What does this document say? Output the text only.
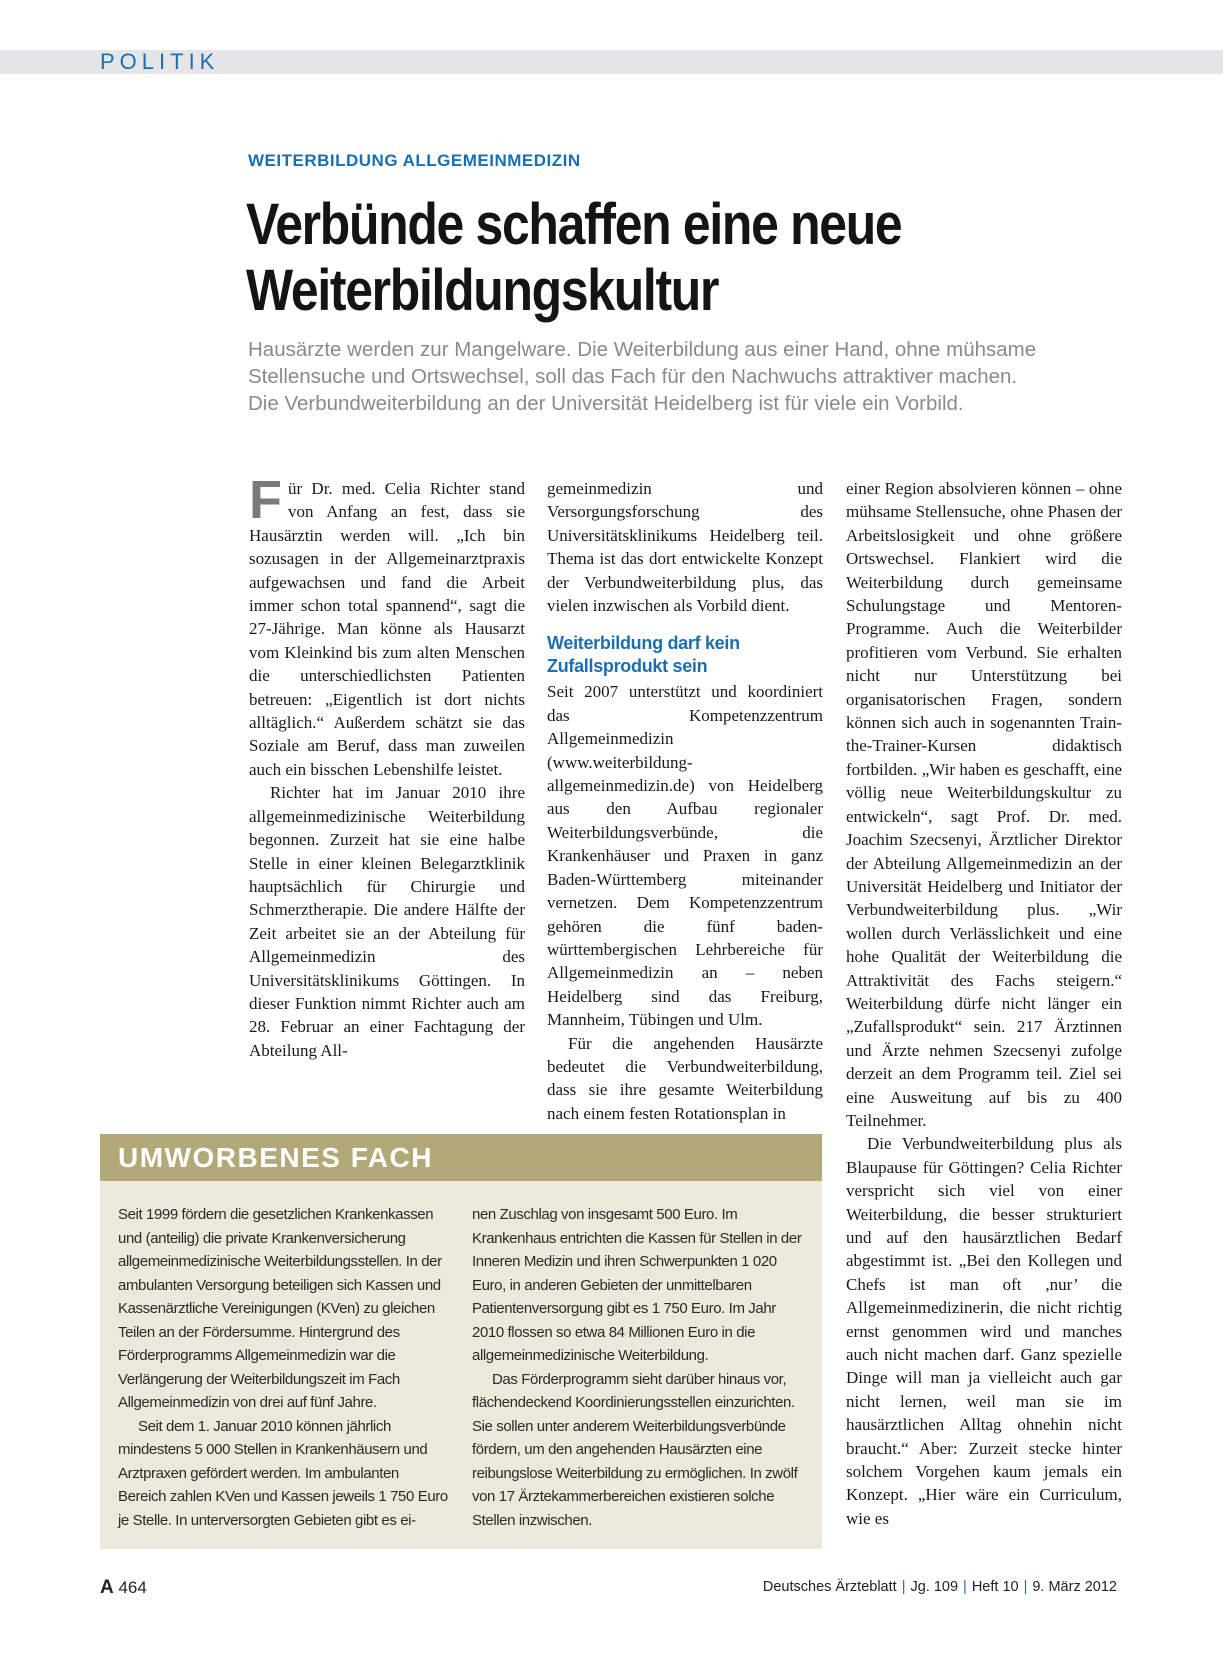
POLITIK
WEITERBILDUNG ALLGEMEINMEDIZIN
Verbünde schaffen eine neue
Weiterbildungskultur
Hausärzte werden zur Mangelware. Die Weiterbildung aus einer Hand, ohne mühsame
Stellensuche und Ortswechsel, soll das Fach für den Nachwuchs attraktiver machen.
Die Verbundweiterbildung an der Universität Heidelberg ist für viele ein Vorbild.

Für Dr. med. Celia Richter stand von Anfang an fest, dass sie Hausärztin werden will. „Ich bin sozusagen in der Allgemeinarztpraxis aufgewachsen und fand die Arbeit immer schon total spannend“, sagt die 27-Jährige. Man könne als Hausarzt vom Kleinkind bis zum alten Menschen die unterschiedlichsten Patienten betreuen: „Eigentlich ist dort nichts alltäglich.“ Außerdem schätzt sie das Soziale am Beruf, dass man zuweilen auch ein bisschen Lebenshilfe leistet.

Richter hat im Januar 2010 ihre allgemeinmedizinische Weiterbildung begonnen. Zurzeit hat sie eine halbe Stelle in einer kleinen Belegarztklinik hauptsächlich für Chirurgie und Schmerztherapie. Die andere Hälfte der Zeit arbeitet sie an der Abteilung für Allgemeinmedizin des Universitätsklinikums Göttingen. In dieser Funktion nimmt Richter auch am 28. Februar an einer Fachtagung der Abteilung All-

gemeinmedizin und Versorgungsforschung des Universitätsklinikums Heidelberg teil. Thema ist das dort entwickelte Konzept der Verbundweiterbildung plus, das vielen inzwischen als Vorbild dient.

Weiterbildung darf kein Zufallsprodukt sein

Seit 2007 unterstützt und koordiniert das Kompetenzzentrum Allgemeinmedizin (www.weiterbildung-allgemeinmedizin.de) von Heidelberg aus den Aufbau regionaler Weiterbildungsverbünde, die Krankenhäuser und Praxen in ganz Baden-Württemberg miteinander vernetzen. Dem Kompetenzzentrum gehören die fünf baden-württembergischen Lehrbereiche für Allgemeinmedizin an – neben Heidelberg sind das Freiburg, Mannheim, Tübingen und Ulm.

Für die angehenden Hausärzte bedeutet die Verbundweiterbildung, dass sie ihre gesamte Weiterbildung nach einem festen Rotationsplan in

einer Region absolvieren können – ohne mühsame Stellensuche, ohne Phasen der Arbeitslosigkeit und ohne größere Ortswechsel. Flankiert wird die Weiterbildung durch gemeinsame Schulungstage und Mentoren-Programme. Auch die Weiterbilder profitieren vom Verbund. Sie erhalten nicht nur Unterstützung bei organisatorischen Fragen, sondern können sich auch in sogenannten Train-the-Trainer-Kursen didaktisch fortbilden. „Wir haben es geschafft, eine völlig neue Weiterbildungskultur zu entwickeln“, sagt Prof. Dr. med. Joachim Szecsenyi, Ärztlicher Direktor der Abteilung Allgemeinmedizin an der Universität Heidelberg und Initiator der Verbundweiterbildung plus. „Wir wollen durch Verlässlichkeit und eine hohe Qualität der Weiterbildung die Attraktivität des Fachs steigern.“ Weiterbildung dürfe nicht länger ein „Zufallsprodukt“ sein. 217 Ärztinnen und Ärzte nehmen Szecsenyi zufolge derzeit an dem Programm teil. Ziel sei eine Ausweitung auf bis zu 400 Teilnehmer.

Die Verbundweiterbildung plus als Blaupause für Göttingen? Celia Richter verspricht sich viel von einer Weiterbildung, die besser strukturiert und auf den hausärztlichen Bedarf abgestimmt ist. „Bei den Kollegen und Chefs ist man oft ,nur’ die Allgemeinmedizinerin, die nicht richtig ernst genommen wird und manches auch nicht machen darf. Ganz spezielle Dinge will man ja vielleicht auch gar nicht lernen, weil man sie im hausärztlichen Alltag ohnehin nicht braucht.“ Aber: Zurzeit stecke hinter solchem Vorgehen kaum jemals ein Konzept. „Hier wäre ein Curriculum, wie es

UMWORBENES FACH

Seit 1999 fördern die gesetzlichen Krankenkassen und (anteilig) die private Krankenversicherung allgemeinmedizinische Weiterbildungsstellen. In der ambulanten Versorgung beteiligen sich Kassen und Kassenärztliche Vereinigungen (KVen) zu gleichen Teilen an der Fördersumme. Hintergrund des Förderprogramms Allgemeinmedizin war die Verlängerung der Weiterbildungszeit im Fach Allgemeinmedizin von drei auf fünf Jahre.

Seit dem 1. Januar 2010 können jährlich mindestens 5 000 Stellen in Krankenhäusern und Arztpraxen gefördert werden. Im ambulanten Bereich zahlen KVen und Kassen jeweils 1 750 Euro je Stelle. In unterversorgten Gebieten gibt es ei-

nen Zuschlag von insgesamt 500 Euro. Im Krankenhaus entrichten die Kassen für Stellen in der Inneren Medizin und ihren Schwerpunkten 1 020 Euro, in anderen Gebieten der unmittelbaren Patientenversorgung gibt es 1 750 Euro. Im Jahr 2010 flossen so etwa 84 Millionen Euro in die allgemeinmedizinische Weiterbildung.

Das Förderprogramm sieht darüber hinaus vor, flächendeckend Koordinierungsstellen einzurichten. Sie sollen unter anderem Weiterbildungsverbünde fördern, um den angehenden Hausärzten eine reibungslose Weiterbildung zu ermöglichen. In zwölf von 17 Ärztekammerbereichen existieren solche Stellen inzwischen.

A 464	Deutsches Ärzteblatt | Jg. 109 | Heft 10 | 9. März 2012
